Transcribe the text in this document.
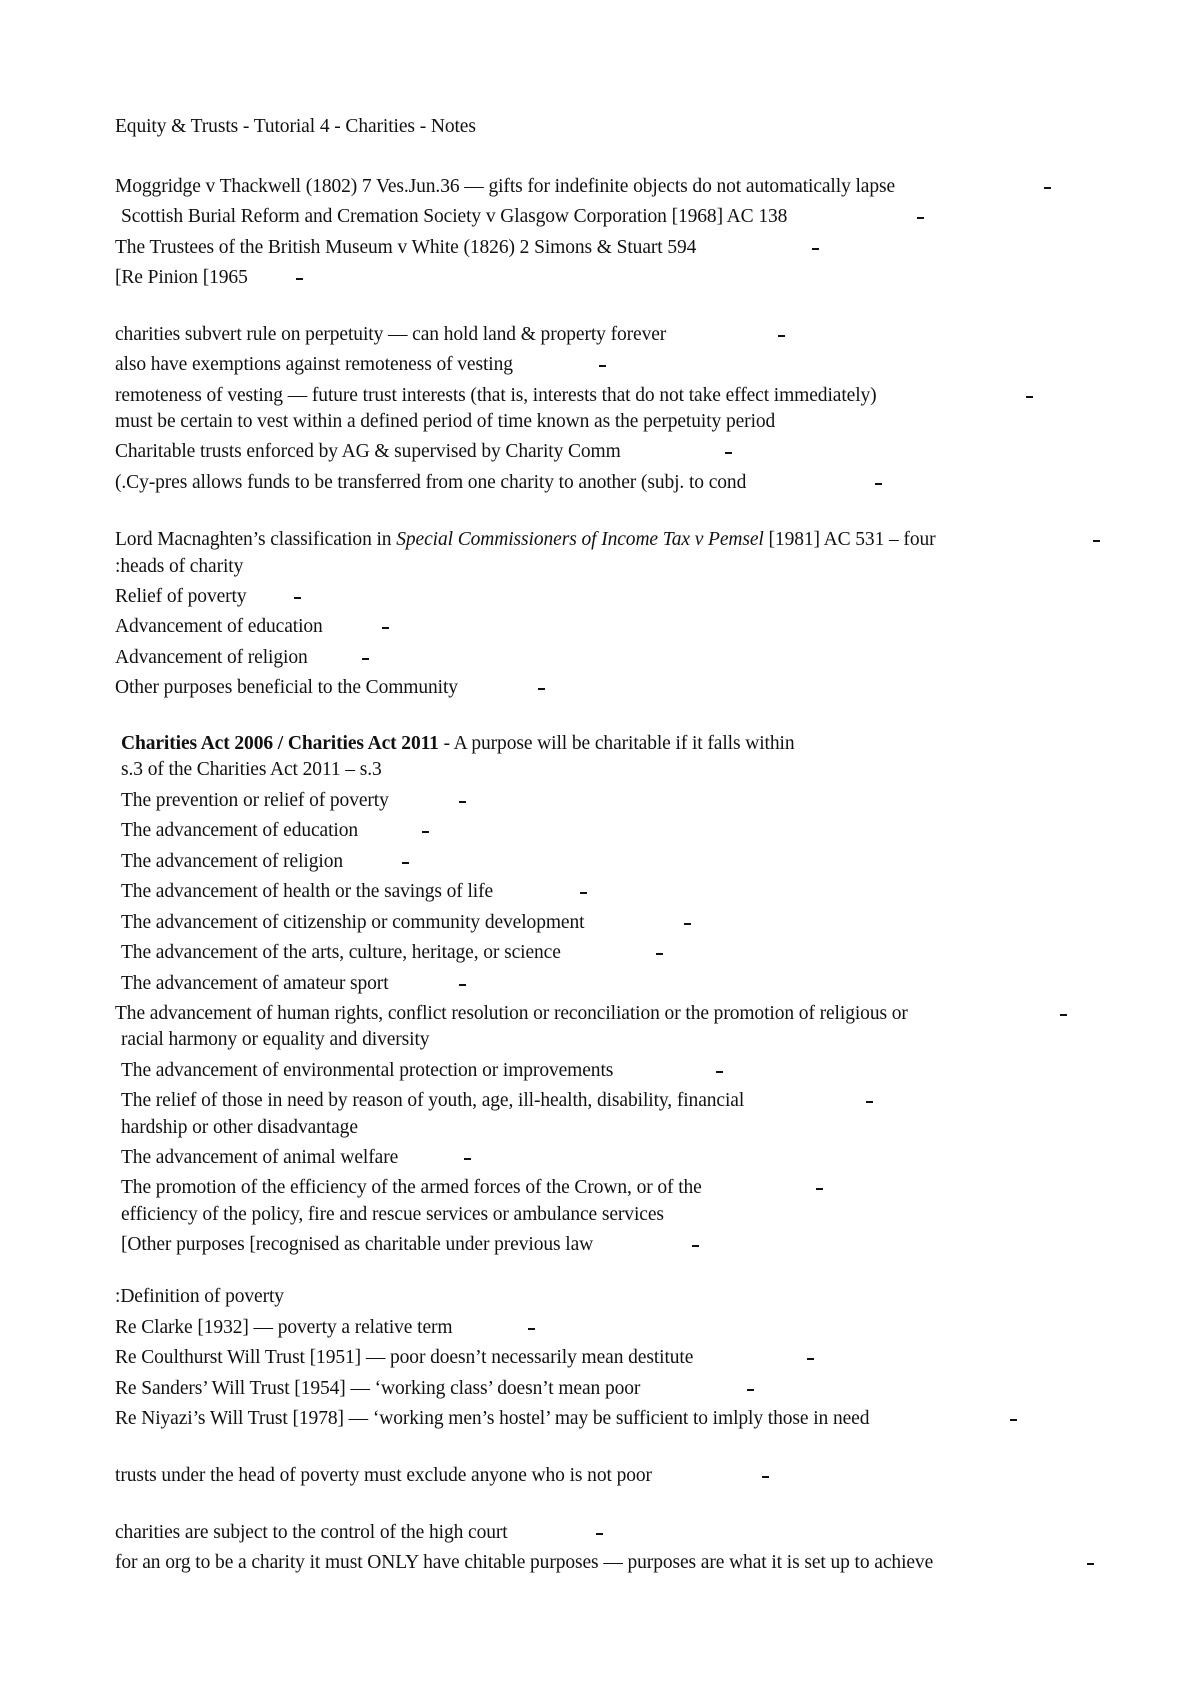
Equity & Trusts - Tutorial 4 - Charities - Notes
Moggridge v Thackwell (1802) 7 Ves.Jun.36 — gifts for indefinite objects do not automatically lapse
Scottish Burial Reform and Cremation Society v Glasgow Corporation [1968] AC 138
The Trustees of the British Museum v White (1826) 2 Simons & Stuart 594
[Re Pinion [1965
charities subvert rule on perpetuity — can hold land & property forever
also have exemptions against remoteness of vesting
remoteness of vesting — future trust interests (that is, interests that do not take effect immediately)
must be certain to vest within a defined period of time known as the perpetuity period
Charitable trusts enforced by AG & supervised by Charity Comm
(.Cy-pres allows funds to be transferred from one charity to another (subj. to cond
Lord Macnaghten’s classification in Special Commissioners of Income Tax v Pemsel [1981] AC 531 – four
:heads of charity
Relief of poverty
Advancement of education
Advancement of religion
Other purposes beneficial to the Community
Charities Act 2006 / Charities Act 2011 - A purpose will be charitable if it falls within
s.3 of the Charities Act 2011 – s.3
The prevention or relief of poverty
The advancement of education
The advancement of religion
The advancement of health or the savings of life
The advancement of citizenship or community development
The advancement of the arts, culture, heritage, or science
The advancement of amateur sport
The advancement of human rights, conflict resolution or reconciliation or the promotion of religious or
racial harmony or equality and diversity
The advancement of environmental protection or improvements
The relief of those in need by reason of youth, age, ill-health, disability, financial
hardship or other disadvantage
The advancement of animal welfare
The promotion of the efficiency of the armed forces of the Crown, or of the
efficiency of the policy, fire and rescue services or ambulance services
[Other purposes [recognised as charitable under previous law
:Definition of poverty
Re Clarke [1932] — poverty a relative term
Re Coulthurst Will Trust [1951] — poor doesn’t necessarily mean destitute
Re Sanders’ Will Trust [1954] — ‘working class’ doesn’t mean poor
Re Niyazi’s Will Trust [1978] — ‘working men’s hostel’ may be sufficient to imlply those in need
trusts under the head of poverty must exclude anyone who is not poor
charities are subject to the control of the high court
for an org to be a charity it must ONLY have chitable purposes — purposes are what it is set up to achieve
